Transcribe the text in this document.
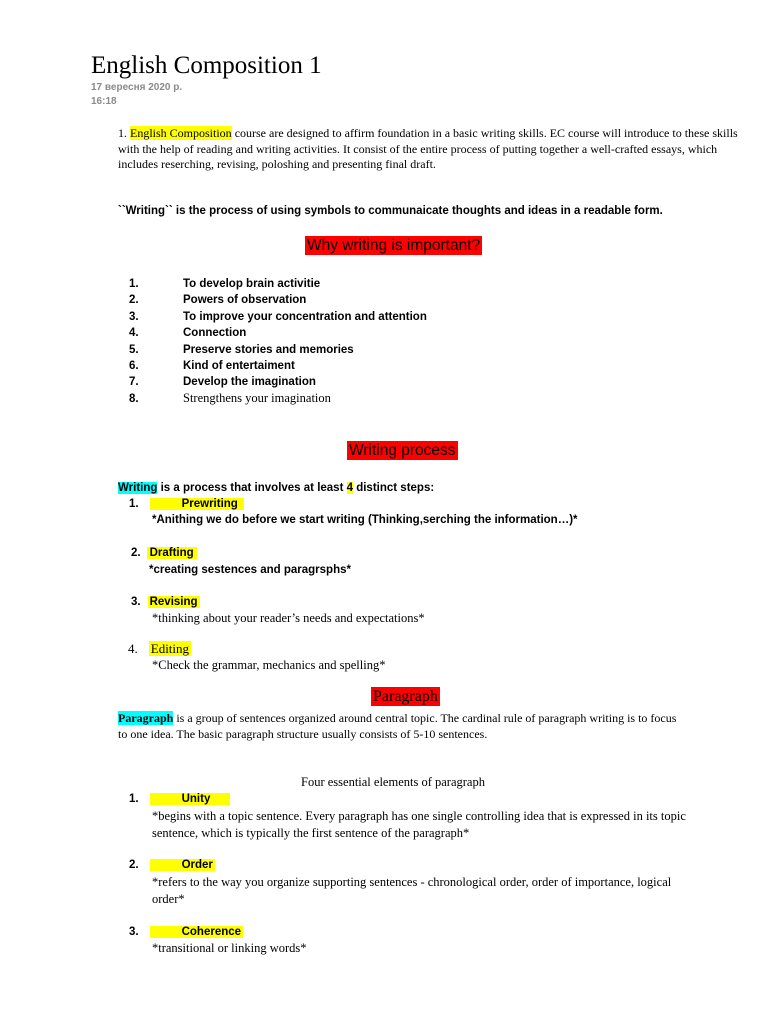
English Composition 1
17 вересня 2020 р.
16:18

1. English Composition course are designed to affirm foundation in a basic writing skills. EC course will introduce to these skills with the help of reading and writing activities. It consist of the entire process of putting together a well-crafted essays, which includes reserching, revising, poloshing and presenting final draft.

``Writing`` is the process of using symbols to communaicate thoughts and ideas in a readable form.

Why writing is important?
1.	To develop brain activitie
2.	Powers of observation
3.	To improve your concentration and attention
4.	Connection
5.	Preserve stories and memories
6.	Kind of entertaiment
7.	Develop the imagination
8.	Strengthens your imagination
Writing process

Writing is a process that involves at least 4 distinct steps:

1.	Prewriting
*Anithing we do before we start writing (Thinking,serching the information…)*
2. Drafting
*creating sestences and paragrsphs*
3. Revising
*thinking about your reader’s needs and expectations*
4. Editing
*Check the grammar, mechanics and spelling*
Paragraph

Paragraph is a group of sentences organized around central topic. The cardinal rule of paragraph writing is to focus to one idea. The basic paragraph structure usually consists of 5-10 sentences.

Four essential elements of paragraph
1.	Unity

*begins with a topic sentence. Every paragraph has one single controlling idea that is expressed in its topic sentence, which is typically the first sentence of the paragraph*

2.	Order

*refers to the way you organize supporting sentences - chronological order, order of importance, logical order*

3.	Coherence

*transitional or linking words*
